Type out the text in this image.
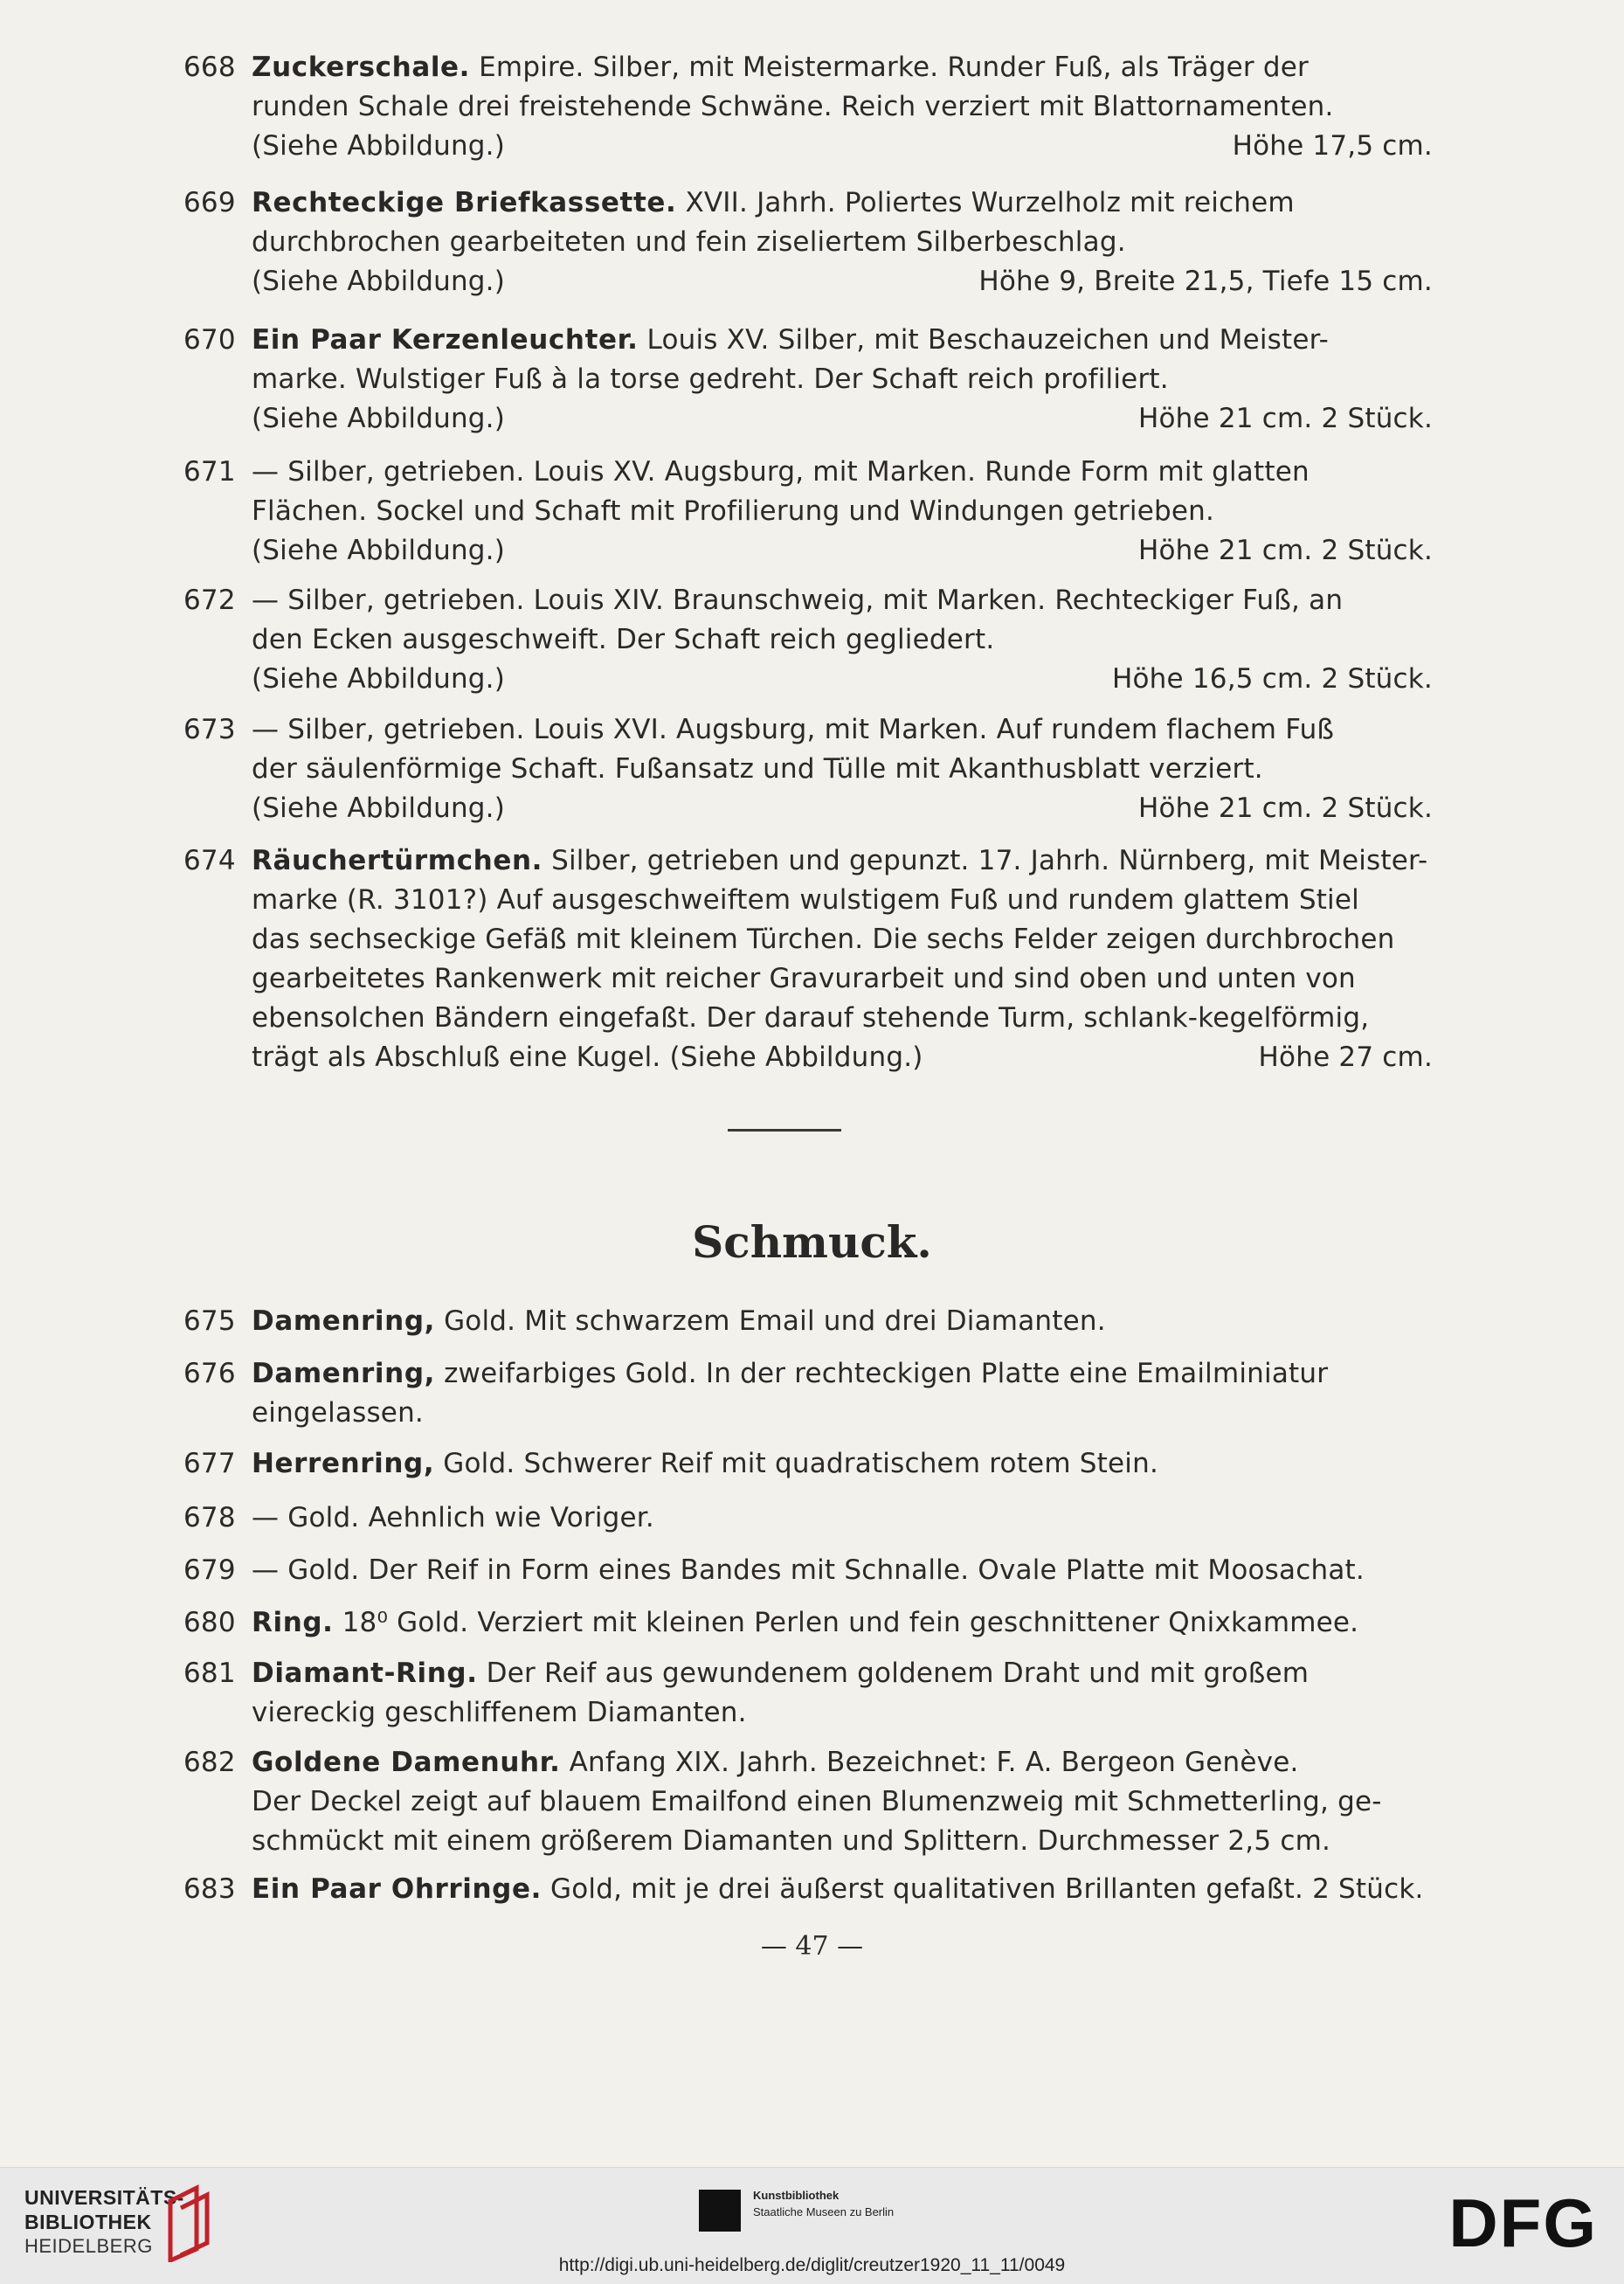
668 Zuckerschale. Empire. Silber, mit Meistermarke. Runder Fuß, als Träger der
runden Schale drei freistehende Schwäne. Reich verziert mit Blattornamenten.
(Siehe Abbildung.)	Höhe 17,5 cm.
669 Rechteckige Briefkassette. XVII. Jahrh. Poliertes Wurzelholz mit reichem
durchbrochen gearbeiteten und fein ziseliertem Silberbeschlag.
(Siehe Abbildung.)	Höhe 9, Breite 21,5, Tiefe 15 cm.
670 Ein Paar Kerzenleuchter. Louis XV. Silber, mit Beschauzeichen und Meister-
marke. Wulstiger Fuß à la torse gedreht. Der Schaft reich profiliert.
(Siehe Abbildung.)	Höhe 21 cm. 2 Stück.
671 — Silber, getrieben. Louis XV. Augsburg, mit Marken. Runde Form mit glatten
Flächen. Sockel und Schaft mit Profilierung und Windungen getrieben.
(Siehe Abbildung.)	Höhe 21 cm. 2 Stück.
672 — Silber, getrieben. Louis XIV. Braunschweig, mit Marken. Rechteckiger Fuß, an
den Ecken ausgeschweift. Der Schaft reich gegliedert.
(Siehe Abbildung.)	Höhe 16,5 cm. 2 Stück.
673 — Silber, getrieben. Louis XVI. Augsburg, mit Marken. Auf rundem flachem Fuß
der säulenförmige Schaft. Fußansatz und Tülle mit Akanthusblatt verziert.
(Siehe Abbildung.)	Höhe 21 cm. 2 Stück.
674 Räuchertürmchen. Silber, getrieben und gepunzt. 17. Jahrh. Nürnberg, mit Meister-
marke (R. 3101?) Auf ausgeschweiftem wulstigem Fuß und rundem glattem Stiel
das sechseckige Gefäß mit kleinem Türchen. Die sechs Felder zeigen durchbrochen
gearbeitetes Rankenwerk mit reicher Gravurarbeit und sind oben und unten von
ebensolchen Bändern eingefaßt. Der darauf stehende Turm, schlank-kegelförmig,
trägt als Abschluß eine Kugel. (Siehe Abbildung.)	Höhe 27 cm.
Schmuck.
675 Damenring, Gold. Mit schwarzem Email und drei Diamanten.
676 Damenring, zweifarbiges Gold. In der rechteckigen Platte eine Emailminiatur
eingelassen.
677 Herrenring, Gold. Schwerer Reif mit quadratischem rotem Stein.
678 — Gold. Aehnlich wie Voriger.
679 — Gold. Der Reif in Form eines Bandes mit Schnalle. Ovale Platte mit Moosachat.
680 Ring. 18⁰ Gold. Verziert mit kleinen Perlen und fein geschnittener Qnixkammee.
681 Diamant-Ring. Der Reif aus gewundenem goldenem Draht und mit großem
viereckig geschliffenem Diamanten.
682 Goldene Damenuhr. Anfang XIX. Jahrh. Bezeichnet: F. A. Bergeon Genève.
Der Deckel zeigt auf blauem Emailfond einen Blumenzweig mit Schmetterling, ge-
schmückt mit einem größerem Diamanten und Splittern. Durchmesser 2,5 cm.
683 Ein Paar Ohrringe. Gold, mit je drei äußerst qualitativen Brillanten gefaßt. 2 Stück.
— 47 —
UNIVERSITÄTS-
BIBLIOTHEK
HEIDELBERG
Kunstbibliothek
Staatliche Museen zu Berlin	DFG
http://digi.ub.uni-heidelberg.de/diglit/creutzer1920_11_11/0049
